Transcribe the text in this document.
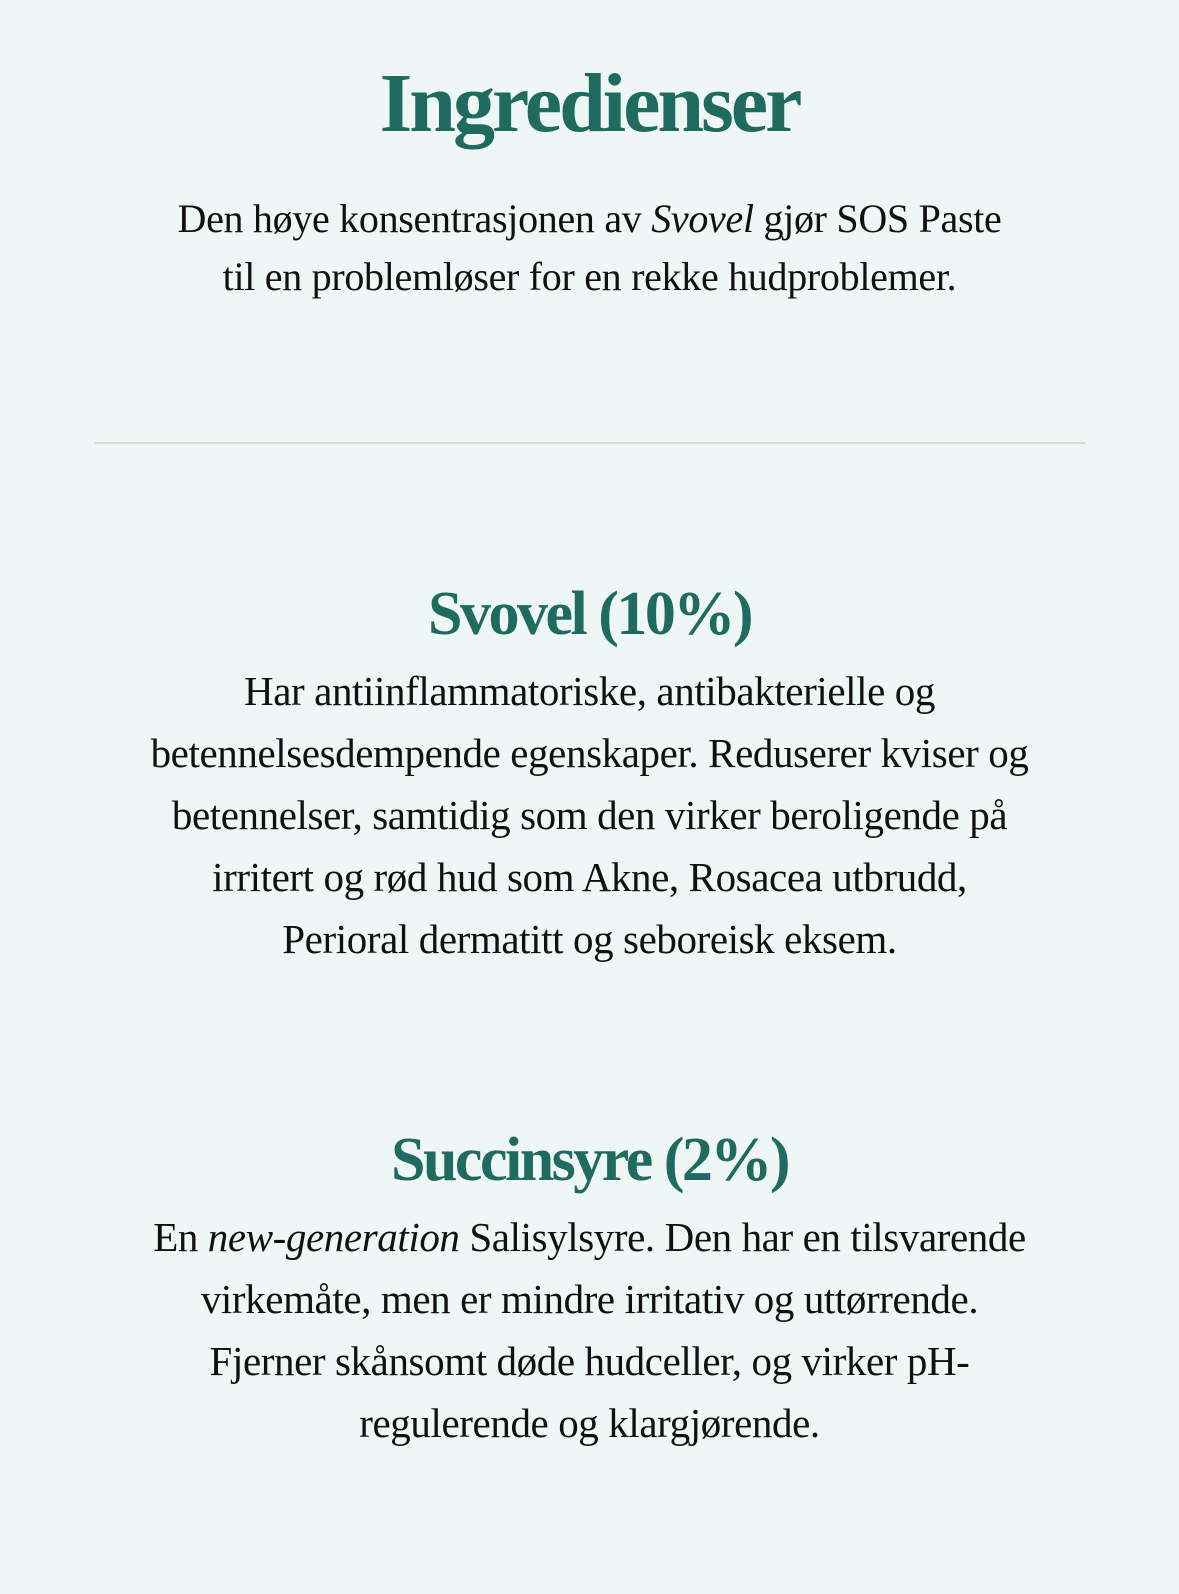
Ingredienser

Den høye konsentrasjonen av Svovel gjør SOS Paste til en problemløser for en rekke hudproblemer.

Svovel (10%)

Har antiinflammatoriske, antibakterielle og betennelsesdempende egenskaper. Reduserer kviser og betennelser, samtidig som den virker beroligende på irritert og rød hud som Akne, Rosacea utbrudd, Perioral dermatitt og seboreisk eksem.

Succinsyre (2%)

En new-generation Salisylsyre. Den har en tilsvarende virkemåte, men er mindre irritativ og uttørrende. Fjerner skånsomt døde hudceller, og virker pH-regulerende og klargjørende.
